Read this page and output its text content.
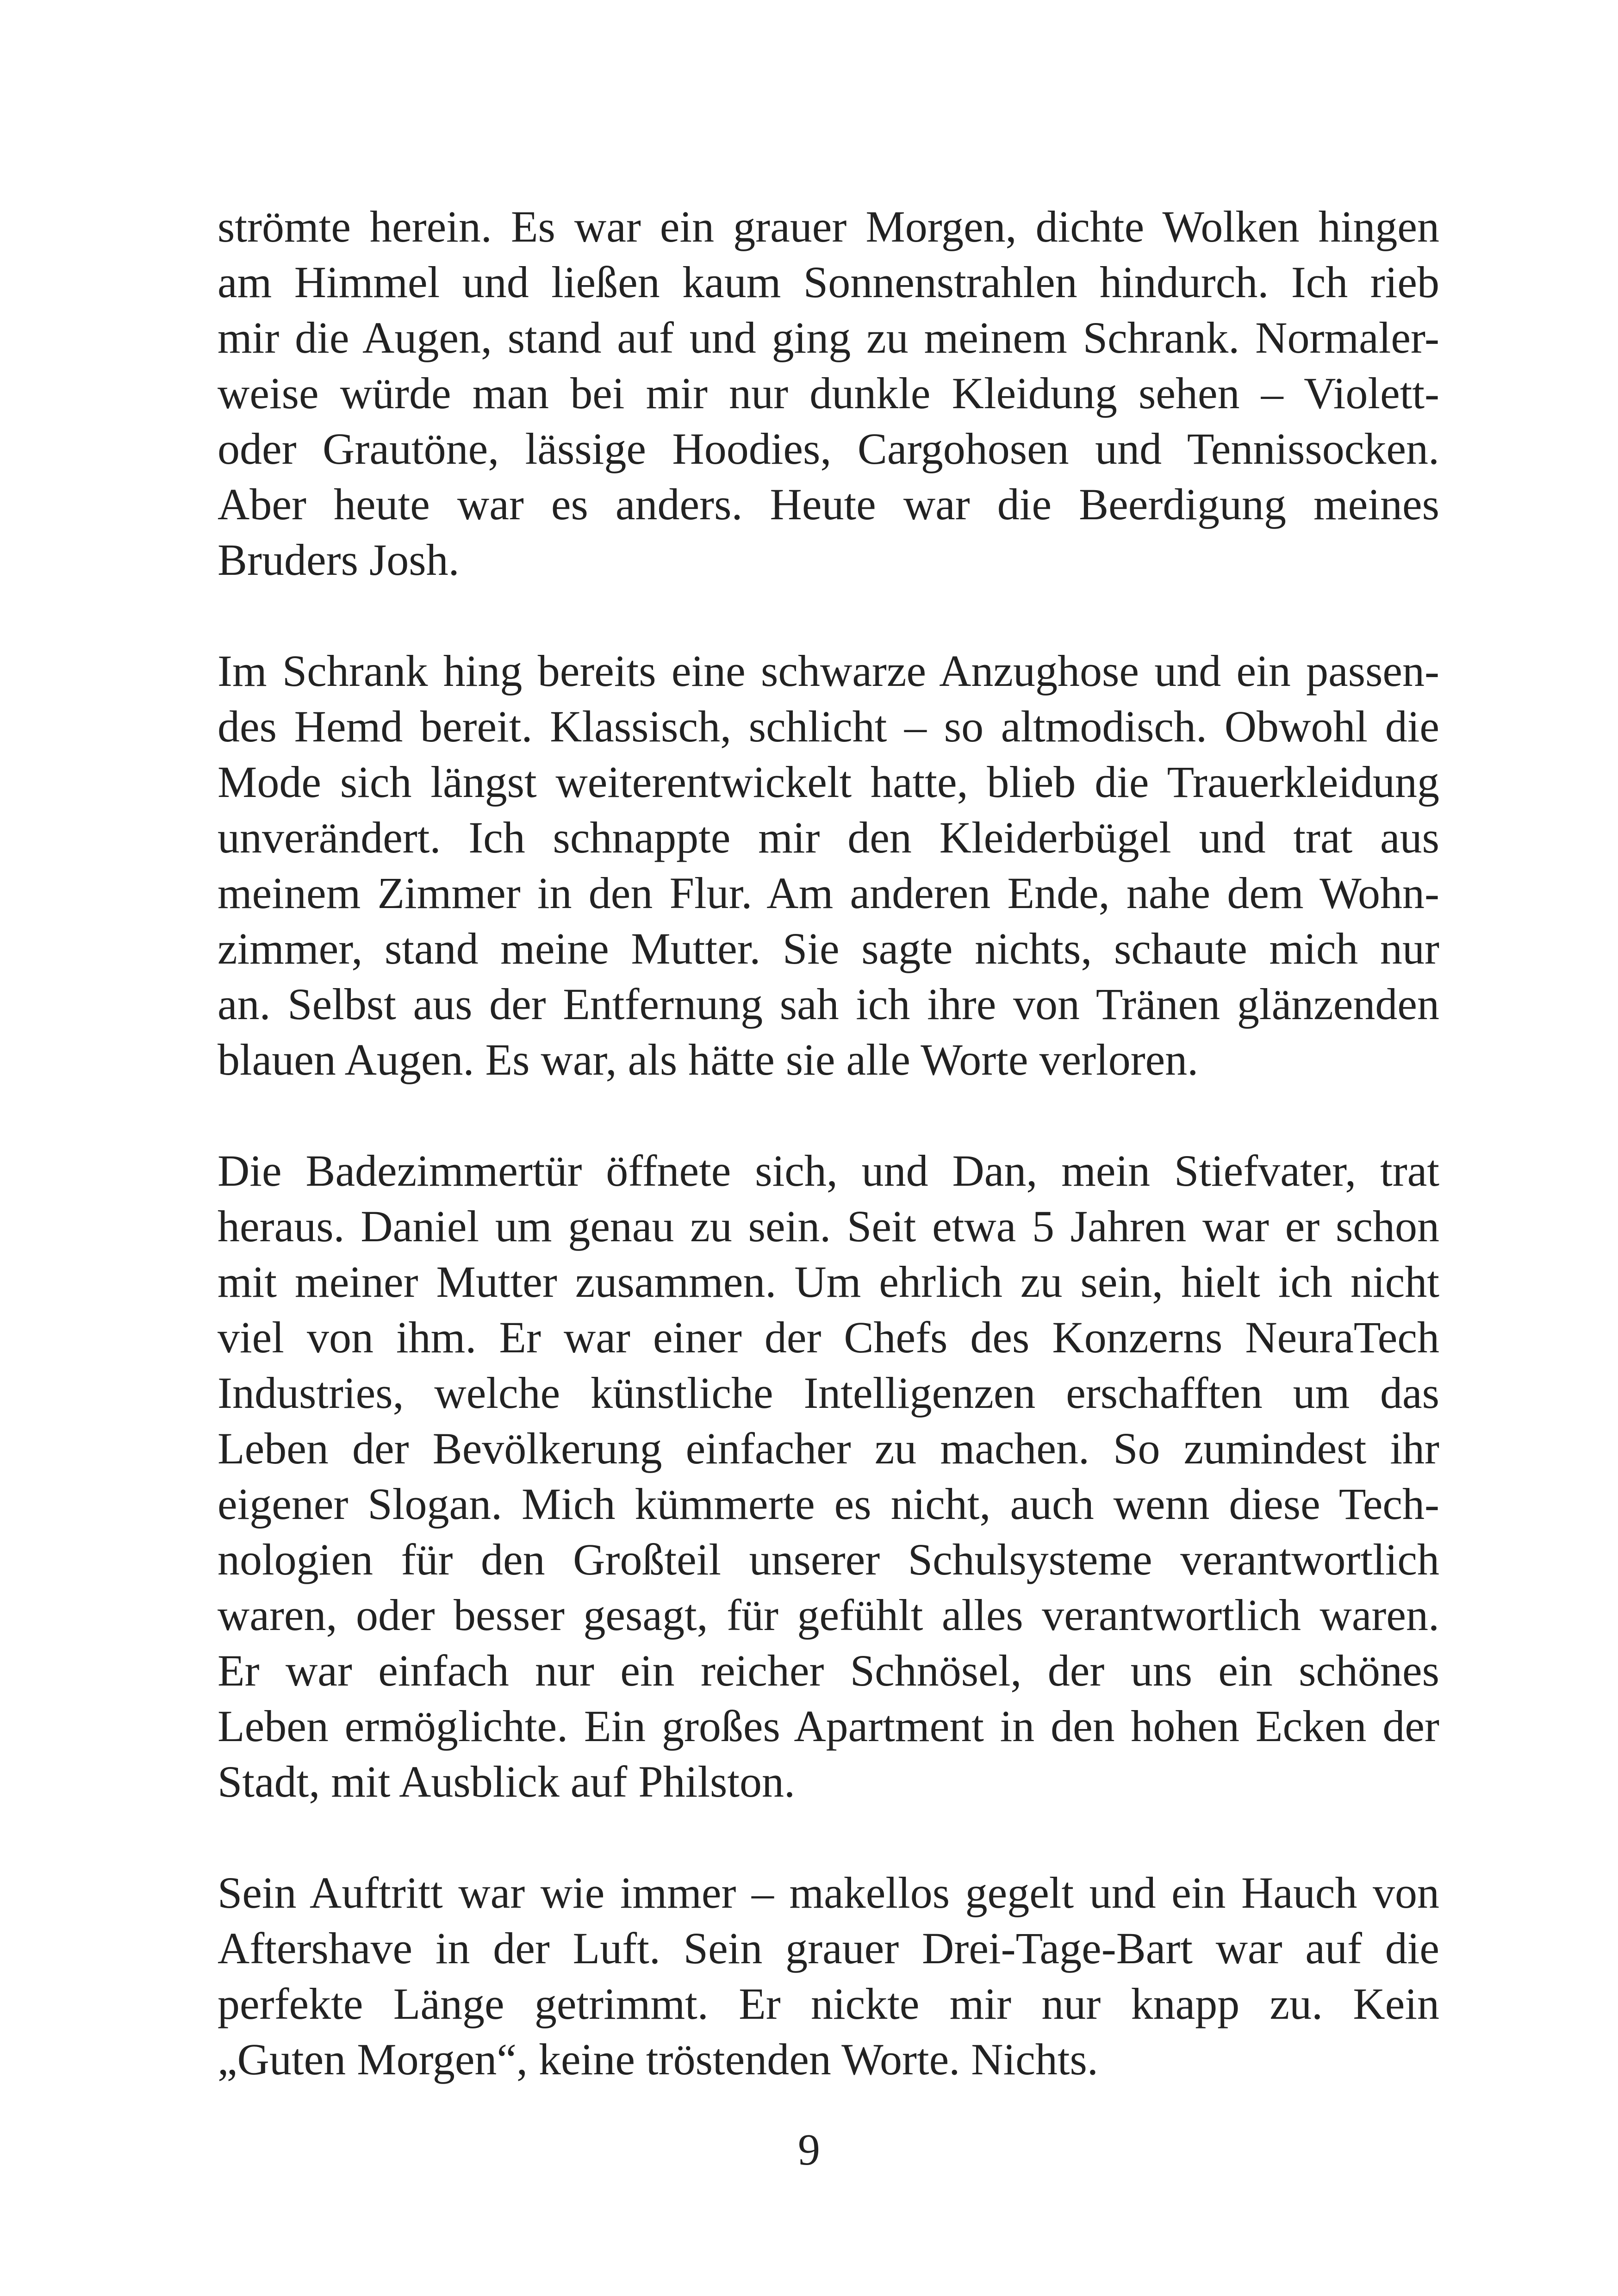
strömte herein. Es war ein grauer Morgen, dichte Wolken hingen
am Himmel und ließen kaum Sonnenstrahlen hindurch. Ich rieb
mir die Augen, stand auf und ging zu meinem Schrank. Normaler-
weise würde man bei mir nur dunkle Kleidung sehen – Violett-
oder Grautöne, lässige Hoodies, Cargohosen und Tennissocken.
Aber heute war es anders. Heute war die Beerdigung meines
Bruders Josh.
Im Schrank hing bereits eine schwarze Anzughose und ein passen-
des Hemd bereit. Klassisch, schlicht – so altmodisch. Obwohl die
Mode sich längst weiterentwickelt hatte, blieb die Trauerkleidung
unverändert. Ich schnappte mir den Kleiderbügel und trat aus
meinem Zimmer in den Flur. Am anderen Ende, nahe dem Wohn-
zimmer, stand meine Mutter. Sie sagte nichts, schaute mich nur
an. Selbst aus der Entfernung sah ich ihre von Tränen glänzenden
blauen Augen. Es war, als hätte sie alle Worte verloren.
Die Badezimmertür öffnete sich, und Dan, mein Stiefvater, trat
heraus. Daniel um genau zu sein. Seit etwa 5 Jahren war er schon
mit meiner Mutter zusammen. Um ehrlich zu sein, hielt ich nicht
viel von ihm. Er war einer der Chefs des Konzerns NeuraTech
Industries, welche künstliche Intelligenzen erschafften um das
Leben der Bevölkerung einfacher zu machen. So zumindest ihr
eigener Slogan. Mich kümmerte es nicht, auch wenn diese Tech-
nologien für den Großteil unserer Schulsysteme verantwortlich
waren, oder besser gesagt, für gefühlt alles verantwortlich waren.
Er war einfach nur ein reicher Schnösel, der uns ein schönes
Leben ermöglichte. Ein großes Apartment in den hohen Ecken der
Stadt, mit Ausblick auf Philston.
Sein Auftritt war wie immer – makellos gegelt und ein Hauch von
Aftershave in der Luft. Sein grauer Drei-Tage-Bart war auf die
perfekte Länge getrimmt. Er nickte mir nur knapp zu. Kein
„Guten Morgen“, keine tröstenden Worte. Nichts.
9
